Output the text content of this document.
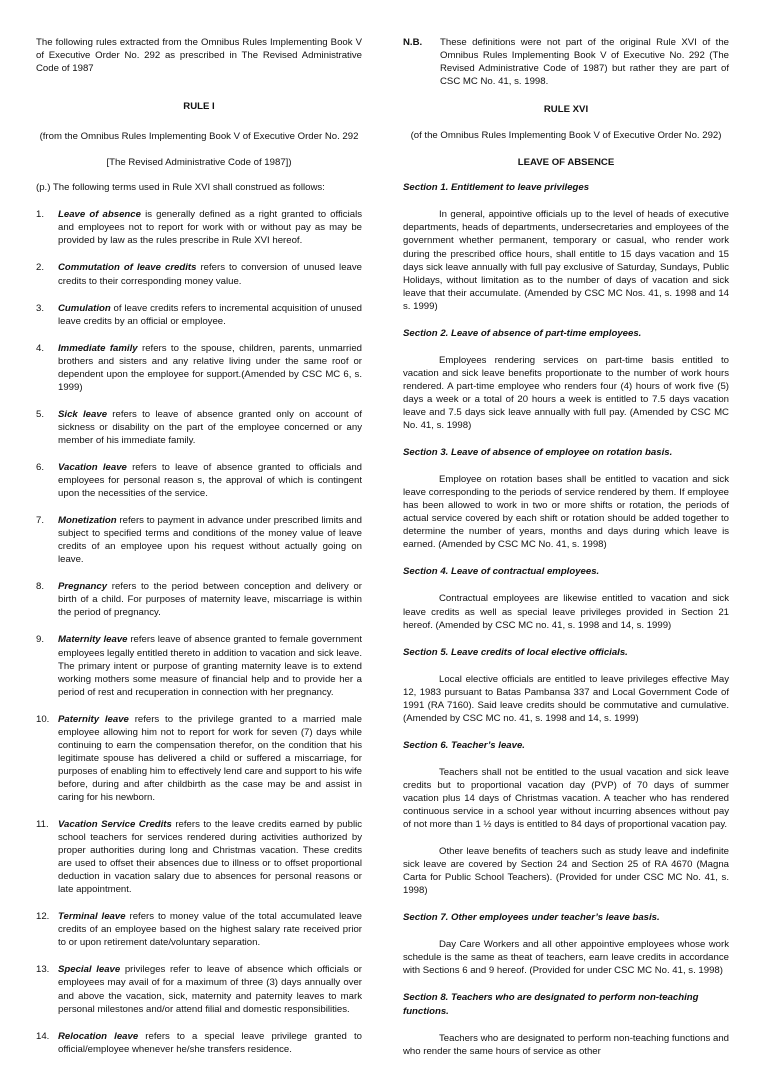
The following rules extracted from the Omnibus Rules Implementing Book V of Executive Order No. 292 as prescribed in The Revised Administrative Code of 1987

RULE I

(from the Omnibus Rules Implementing Book V of Executive Order No. 292

[The Revised Administrative Code of 1987])

(p.) The following terms used in Rule XVI shall construed as follows:

1.	Leave of absence is generally defined as a right granted to officials and employees not to report for work with or without pay as may be provided by law as the rules prescribe in Rule XVI hereof.
2.	Commutation of leave credits refers to conversion of unused leave credits to their corresponding money value.
3.	Cumulation of leave credits refers to incremental acquisition of unused leave credits by an official or employee.
4.	Immediate family refers to the spouse, children, parents, unmarried brothers and sisters and any relative living under the same roof or dependent upon the employee for support.(Amended by CSC MC 6, s. 1999)
5.	Sick leave refers to leave of absence granted only on account of sickness or disability on the part of the employee concerned or any member of his immediate family.
6.	Vacation leave refers to leave of absence granted to officials and employees for personal reason s, the approval of which is contingent upon the necessities of the service.
7.	Monetization refers to payment in advance under prescribed limits and subject to specified terms and conditions of the money value of leave credits of an employee upon his request without actually going on leave.
8.	Pregnancy refers to the period between conception and delivery or birth of a child. For purposes of maternity leave, miscarriage is within the period of pregnancy.
9.	Maternity leave refers leave of absence granted to female government employees legally entitled thereto in addition to vacation and sick leave. The primary intent or purpose of granting maternity leave is to extend working mothers some measure of financial help and to provide her a period of rest and recuperation in connection with her pregnancy.
10. Paternity leave refers to the privilege granted to a married male employee allowing him not to report for work for seven (7) days while continuing to earn the compensation therefor, on the condition that his legitimate spouse has delivered a child or suffered a miscarriage, for purposes of enabling him to effectively lend care and support to his wife before, during and after childbirth as the case may be and assist in caring for his newborn.
11. Vacation Service Credits refers to the leave credits earned by public school teachers for services rendered during activities authorized by proper authorities during long and Christmas vacation. These credits are used to offset their absences due to illness or to offset proportional deduction in vacation salary due to absences for personal reasons or late appointment.
12. Terminal leave refers to money value of the total accumulated leave credits of an employee based on the highest salary rate received prior to or upon retirement date/voluntary separation.
13. Special leave privileges refer to leave of absence which officials or employees may avail of for a maximum of three (3) days annually over and above the vacation, sick, maternity and paternity leaves to mark personal milestones and/or attend filial and domestic responsibilities.
14. Relocation leave refers to a special leave privilege granted to official/employee whenever he/she transfers residence.
N.B.	These definitions were not part of the original Rule XVI of the Omnibus Rules Implementing Book V of Executive No. 292 (The Revised Administrative Code of 1987) but rather they are part of CSC MC No. 41, s. 1998.

RULE XVI

(of the Omnibus Rules Implementing Book V of Executive Order No. 292)

LEAVE OF ABSENCE

Section 1. Entitlement to leave privileges

In general, appointive officials up to the level of heads of executive departments, heads of departments, undersecretaries and employees of the government whether permanent, temporary or casual, who render work during the prescribed office hours, shall entitle to 15 days vacation and 15 days sick leave annually with full pay exclusive of Saturday, Sundays, Public Holidays, without limitation as to the number of days of vacation and sick leave that their accumulate. (Amended by CSC MC Nos. 41, s. 1998 and 14 s. 1999)

Section 2. Leave of absence of part-time employees.

Employees rendering services on part-time basis entitled to vacation and sick leave benefits proportionate to the number of work hours rendered. A part-time employee who renders four (4) hours of work five (5) days a week or a total of 20 hours a week is entitled to 7.5 days vacation leave and 7.5 days sick leave annually with full pay. (Amended by CSC MC No. 41, s. 1998)

Section 3. Leave of absence of employee on rotation basis.

Employee on rotation bases shall be entitled to vacation and sick leave corresponding to the periods of service rendered by them. If employee has been allowed to work in two or more shifts or rotation, the periods of actual service covered by each shift or rotation should be added together to determine the number of years, months and days during which leave is earned. (Amended by CSC MC No. 41, s. 1998)

Section 4. Leave of contractual employees.

Contractual employees are likewise entitled to vacation and sick leave credits as well as special leave privileges provided in Section 21 hereof. (Amended by CSC MC no. 41, s. 1998 and 14, s. 1999)

Section 5. Leave credits of local elective officials.

Local elective officials are entitled to leave privileges effective May 12, 1983 pursuant to Batas Pambansa 337 and Local Government Code of 1991 (RA 7160). Said leave credits should be commutative and cumulative. (Amended by CSC MC no. 41, s. 1998 and 14, s. 1999)

Section 6. Teacher’s leave.

Teachers shall not be entitled to the usual vacation and sick leave credits but to proportional vacation day (PVP) of 70 days of summer vacation plus 14 days of Christmas vacation. A teacher who has rendered continuous service in a school year without incurring absences without pay of not more than 1 ½ days is entitled to 84 days of proportional vacation pay.

Other leave benefits of teachers such as study leave and indefinite sick leave are covered by Section 24 and Section 25 of RA 4670 (Magna Carta for Public School Teachers). (Provided for under CSC MC No. 41, s. 1998)

Section 7. Other employees under teacher’s leave basis.

Day Care Workers and all other appointive employees whose work schedule is the same as theat of teachers, earn leave credits in accordance with Sections 6 and 9 hereof. (Provided for under CSC MC No. 41, s. 1998)

Section 8. Teachers who are designated to perform non-teaching functions.

Teachers who are designated to perform non-teaching functions and who render the same hours of service as other
